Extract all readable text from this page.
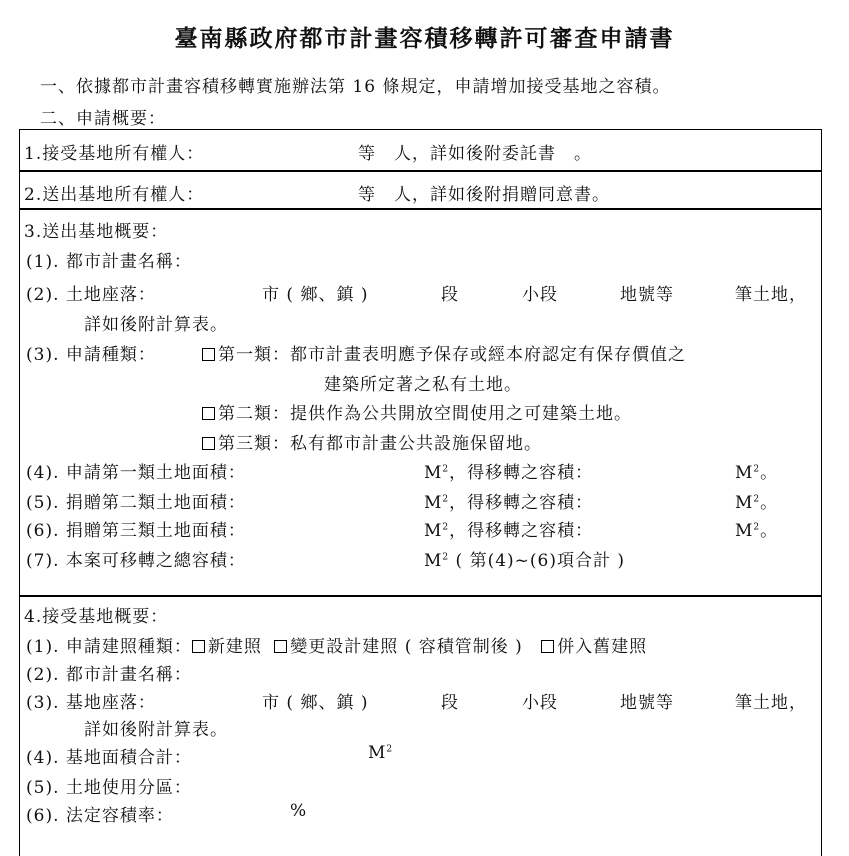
臺南縣政府都市計畫容積移轉許可審查申請書
一、依據都市計畫容積移轉實施辦法第 16 條規定，申請增加接受基地之容積。
二、申請概要：
1.接受基地所有權人：	等　人，詳如後附委託書　。
2.送出基地所有權人：	等　人，詳如後附捐贈同意書。
3.送出基地概要：
(1). 都市計畫名稱：
(2). 土地座落：	市 ( 鄉、鎮 )	段	小段	地號等	筆土地，
詳如後附計算表。
(3). 申請種類：	第一類：都市計畫表明應予保存或經本府認定有保存價值之
建築所定著之私有土地。
第二類：提供作為公共開放空間使用之可建築土地。
第三類：私有都市計畫公共設施保留地。
(4). 申請第一類土地面積：	$M^2$，得移轉之容積：	$M^2$。
(5). 捐贈第二類土地面積：	$M^2$，得移轉之容積：	$M^2$。
(6). 捐贈第三類土地面積：	$M^2$，得移轉之容積：	$M^2$。
(7). 本案可移轉之總容積：	$M^2$ ( 第(4)~(6)項合計 )
4.接受基地概要：
(1). 申請建照種類： 新建照 變更設計建照 ( 容積管制後 ) 併入舊建照
(2). 都市計畫名稱：
(3). 基地座落：	市 ( 鄉、鎮 )	段	小段	地號等	筆土地，
詳如後附計算表。
(4). 基地面積合計：	$M^2$
(5). 土地使用分區：
(6). 法定容積率：	%
